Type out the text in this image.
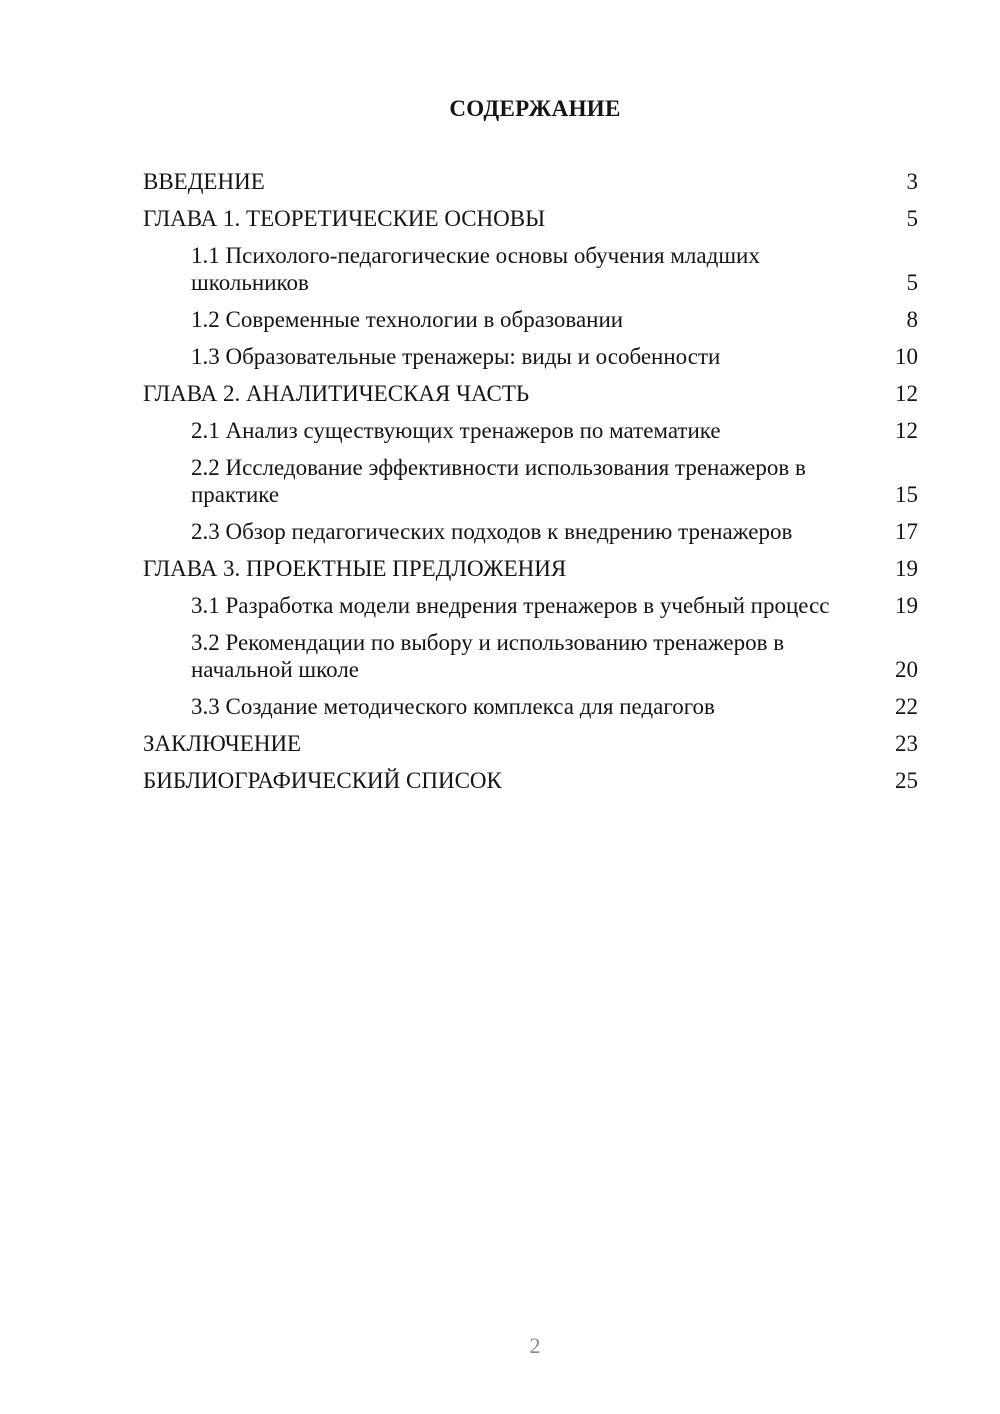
СОДЕРЖАНИЕ
ВВЕДЕНИЕ	3
ГЛАВА 1. ТЕОРЕТИЧЕСКИЕ ОСНОВЫ	5
1.1 Психолого-педагогические основы обучения младших школьников	5
1.2 Современные технологии в образовании	8
1.3 Образовательные тренажеры: виды и особенности	10
ГЛАВА 2. АНАЛИТИЧЕСКАЯ ЧАСТЬ	12
2.1 Анализ существующих тренажеров по математике	12
2.2 Исследование эффективности использования тренажеров в практике	15
2.3 Обзор педагогических подходов к внедрению тренажеров	17
ГЛАВА 3. ПРОЕКТНЫЕ ПРЕДЛОЖЕНИЯ	19
3.1 Разработка модели внедрения тренажеров в учебный процесс	19
3.2 Рекомендации по выбору и использованию тренажеров в начальной школе	20
3.3 Создание методического комплекса для педагогов	22
ЗАКЛЮЧЕНИЕ	23
БИБЛИОГРАФИЧЕСКИЙ СПИСОК	25
2
